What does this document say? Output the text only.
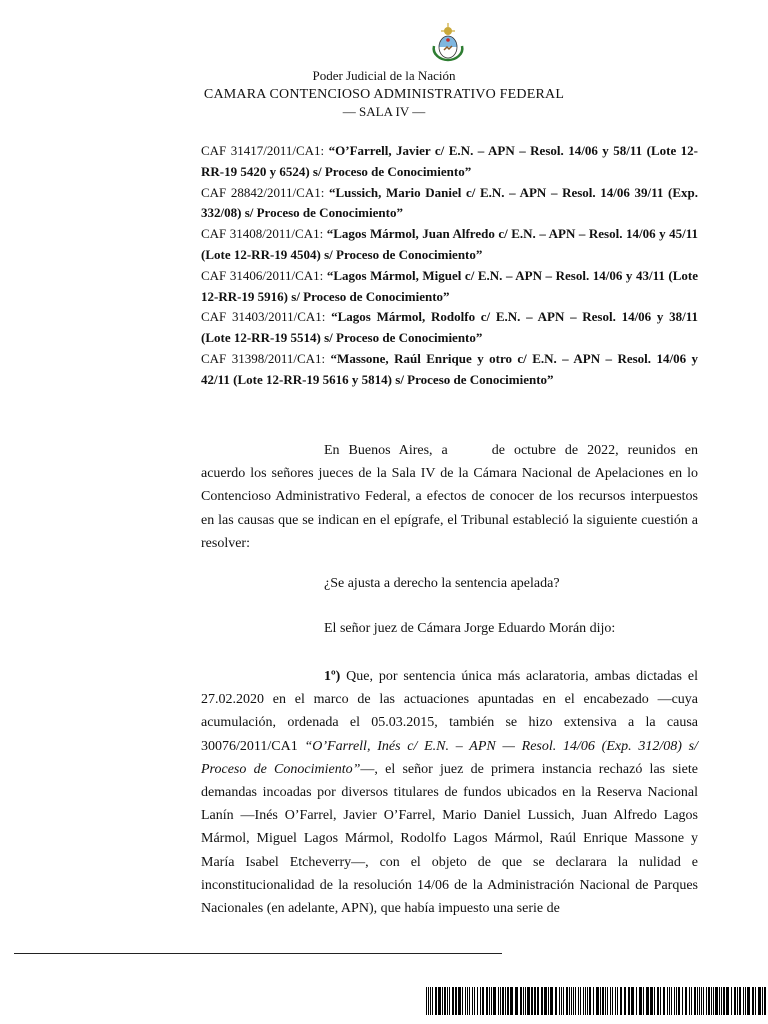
Poder Judicial de la Nación
CAMARA CONTENCIOSO ADMINISTRATIVO FEDERAL
— SALA IV —
CAF 31417/2011/CA1: “O’Farrell, Javier c/ E.N. – APN – Resol. 14/06 y 58/11 (Lote 12-RR-19 5420 y 6524) s/ Proceso de Conocimiento”
CAF 28842/2011/CA1: “Lussich, Mario Daniel c/ E.N. – APN – Resol. 14/06 39/11 (Exp. 332/08) s/ Proceso de Conocimiento”
CAF 31408/2011/CA1: “Lagos Mármol, Juan Alfredo c/ E.N. – APN – Resol. 14/06 y 45/11 (Lote 12-RR-19 4504) s/ Proceso de Conocimiento”
CAF 31406/2011/CA1: “Lagos Mármol, Miguel c/ E.N. – APN – Resol. 14/06 y 43/11 (Lote 12-RR-19 5916) s/ Proceso de Conocimiento”
CAF 31403/2011/CA1: “Lagos Mármol, Rodolfo c/ E.N. – APN – Resol. 14/06 y 38/11 (Lote 12-RR-19 5514) s/ Proceso de Conocimiento”
CAF 31398/2011/CA1: “Massone, Raúl Enrique y otro c/ E.N. – APN – Resol. 14/06 y 42/11 (Lote 12-RR-19 5616 y 5814) s/ Proceso de Conocimiento”
En Buenos Aires, a	de octubre de 2022, reunidos en acuerdo los señores jueces de la Sala IV de la Cámara Nacional de Apelaciones en lo Contencioso Administrativo Federal, a efectos de conocer de los recursos interpuestos en las causas que se indican en el epígrafe, el Tribunal estableció la siguiente cuestión a resolver:
¿Se ajusta a derecho la sentencia apelada?
El señor juez de Cámara Jorge Eduardo Morán dijo:
1º) Que, por sentencia única más aclaratoria, ambas dictadas el 27.02.2020 en el marco de las actuaciones apuntadas en el encabezado —cuya acumulación, ordenada el 05.03.2015, también se hizo extensiva a la causa 30076/2011/CA1 “O’Farrell, Inés c/ E.N. – APN — Resol. 14/06 (Exp. 312/08) s/ Proceso de Conocimiento”—, el señor juez de primera instancia rechazó las siete demandas incoadas por diversos titulares de fundos ubicados en la Reserva Nacional Lanín —Inés O’Farrel, Javier O’Farrel, Mario Daniel Lussich, Juan Alfredo Lagos Mármol, Miguel Lagos Mármol, Rodolfo Lagos Mármol, Raúl Enrique Massone y María Isabel Etcheverry—, con el objeto de que se declarara la nulidad e inconstitucionalidad de la resolución 14/06 de la Administración Nacional de Parques Nacionales (en adelante, APN), que había impuesto una serie de
